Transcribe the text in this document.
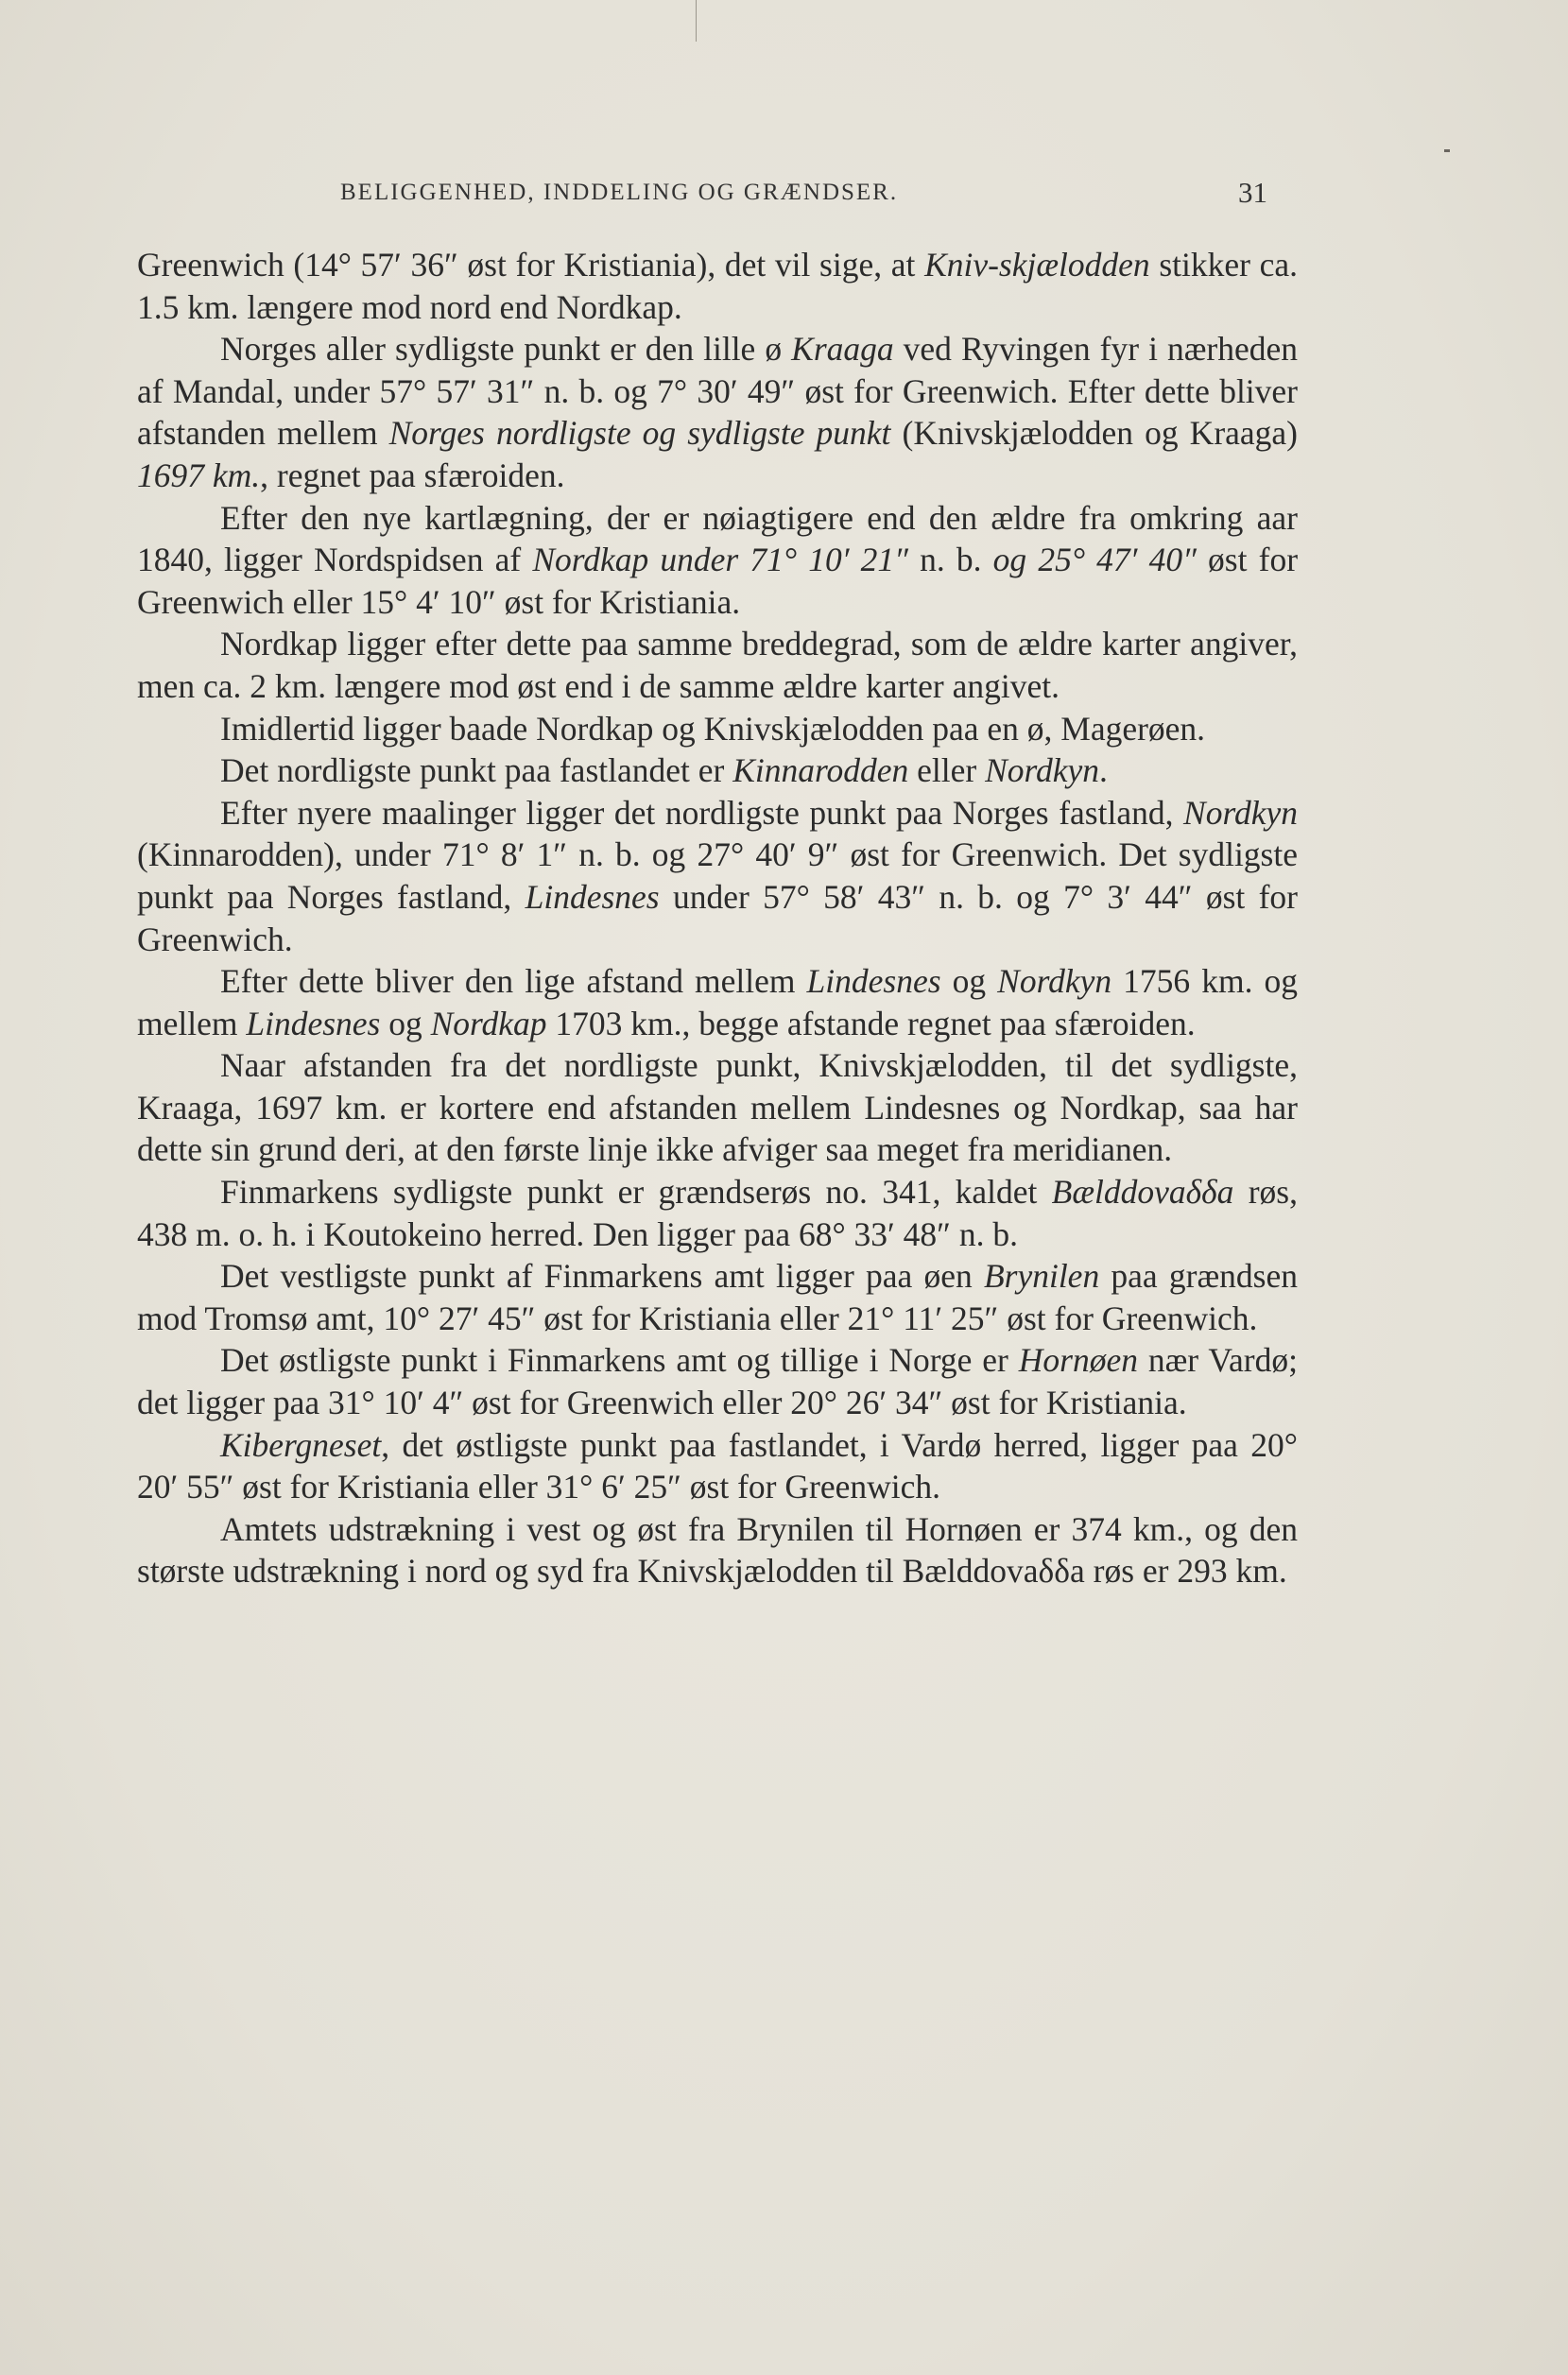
BELIGGENHED, INDDELING OG GRÆNDSER.	31

Greenwich (14° 57′ 36″ øst for Kristiania), det vil sige, at Kniv-skjælodden stikker ca. 1.5 km. længere mod nord end Nordkap.

Norges aller sydligste punkt er den lille ø Kraaga ved Ryvingen fyr i nærheden af Mandal, under 57° 57′ 31″ n. b. og 7° 30′ 49″ øst for Greenwich. Efter dette bliver afstanden mellem Norges nordligste og sydligste punkt (Knivskjælodden og Kraaga) 1697 km., regnet paa sfæroiden.

Efter den nye kartlægning, der er nøiagtigere end den ældre fra omkring aar 1840, ligger Nordspidsen af Nordkap under 71° 10′ 21″ n. b. og 25° 47′ 40″ øst for Greenwich eller 15° 4′ 10″ øst for Kristiania.

Nordkap ligger efter dette paa samme breddegrad, som de ældre karter angiver, men ca. 2 km. længere mod øst end i de samme ældre karter angivet.

Imidlertid ligger baade Nordkap og Knivskjælodden paa en ø, Magerøen.

Det nordligste punkt paa fastlandet er Kinnarodden eller Nordkyn.

Efter nyere maalinger ligger det nordligste punkt paa Norges fastland, Nordkyn (Kinnarodden), under 71° 8′ 1″ n. b. og 27° 40′ 9″ øst for Greenwich. Det sydligste punkt paa Norges fastland, Lindesnes under 57° 58′ 43″ n. b. og 7° 3′ 44″ øst for Greenwich.

Efter dette bliver den lige afstand mellem Lindesnes og Nordkyn 1756 km. og mellem Lindesnes og Nordkap 1703 km., begge afstande regnet paa sfæroiden.

Naar afstanden fra det nordligste punkt, Knivskjælodden, til det sydligste, Kraaga, 1697 km. er kortere end afstanden mellem Lindesnes og Nordkap, saa har dette sin grund deri, at den første linje ikke afviger saa meget fra meridianen.

Finmarkens sydligste punkt er grændserøs no. 341, kaldet Bælddovaδδa røs, 438 m. o. h. i Koutokeino herred. Den ligger paa 68° 33′ 48″ n. b.

Det vestligste punkt af Finmarkens amt ligger paa øen Brynilen paa grændsen mod Tromsø amt, 10° 27′ 45″ øst for Kristiania eller 21° 11′ 25″ øst for Greenwich.

Det østligste punkt i Finmarkens amt og tillige i Norge er Hornøen nær Vardø; det ligger paa 31° 10′ 4″ øst for Greenwich eller 20° 26′ 34″ øst for Kristiania.

Kibergneset, det østligste punkt paa fastlandet, i Vardø herred, ligger paa 20° 20′ 55″ øst for Kristiania eller 31° 6′ 25″ øst for Greenwich.

Amtets udstrækning i vest og øst fra Brynilen til Hornøen er 374 km., og den største udstrækning i nord og syd fra Knivskjælodden til Bælddovaδδa røs er 293 km.
